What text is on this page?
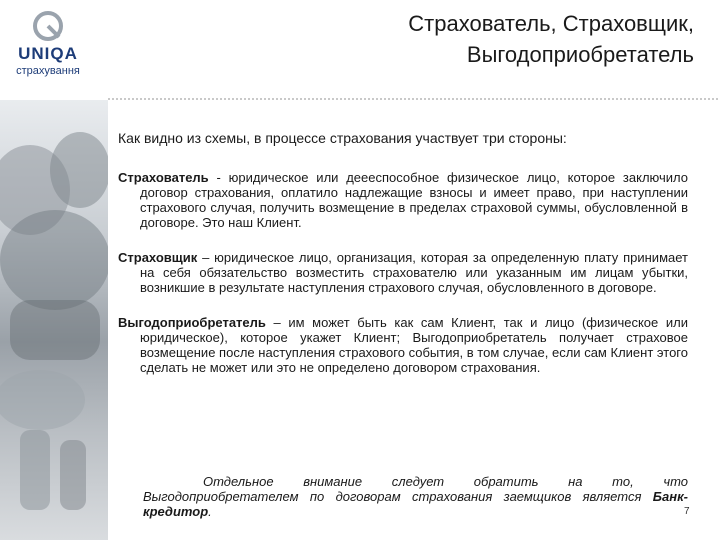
UNIQA
страхування
Страхователь, Страховщик,
Выгодоприобретатель

Как видно из схемы, в процессе страхования участвует три стороны:

Страхователь - юридическое или деееспособное физическое лицо, которое заключило договор страхования, оплатило надлежащие взносы и имеет право, при наступлении страхового случая, получить возмещение в пределах страховой суммы, обусловленной в договоре. Это наш Клиент.

Страховщик – юридическое лицо, организация, которая за определенную плату принимает на себя обязательство возместить страхователю или указанным им лицам убытки, возникшие в результате наступления страхового случая, обусловленного в договоре.

Выгодоприобретатель – им может быть как сам Клиент, так и лицо (физическое или юридическое), которое укажет Клиент; Выгодоприобретатель получает страховое возмещение после наступления страхового события, в том случае, если сам Клиент этого сделать не может или это не определено договором страхования.

Отдельное внимание следует обратить на то, что Выгодоприобретателем по договорам страхования заемщиков является Банк-кредитор.	7
